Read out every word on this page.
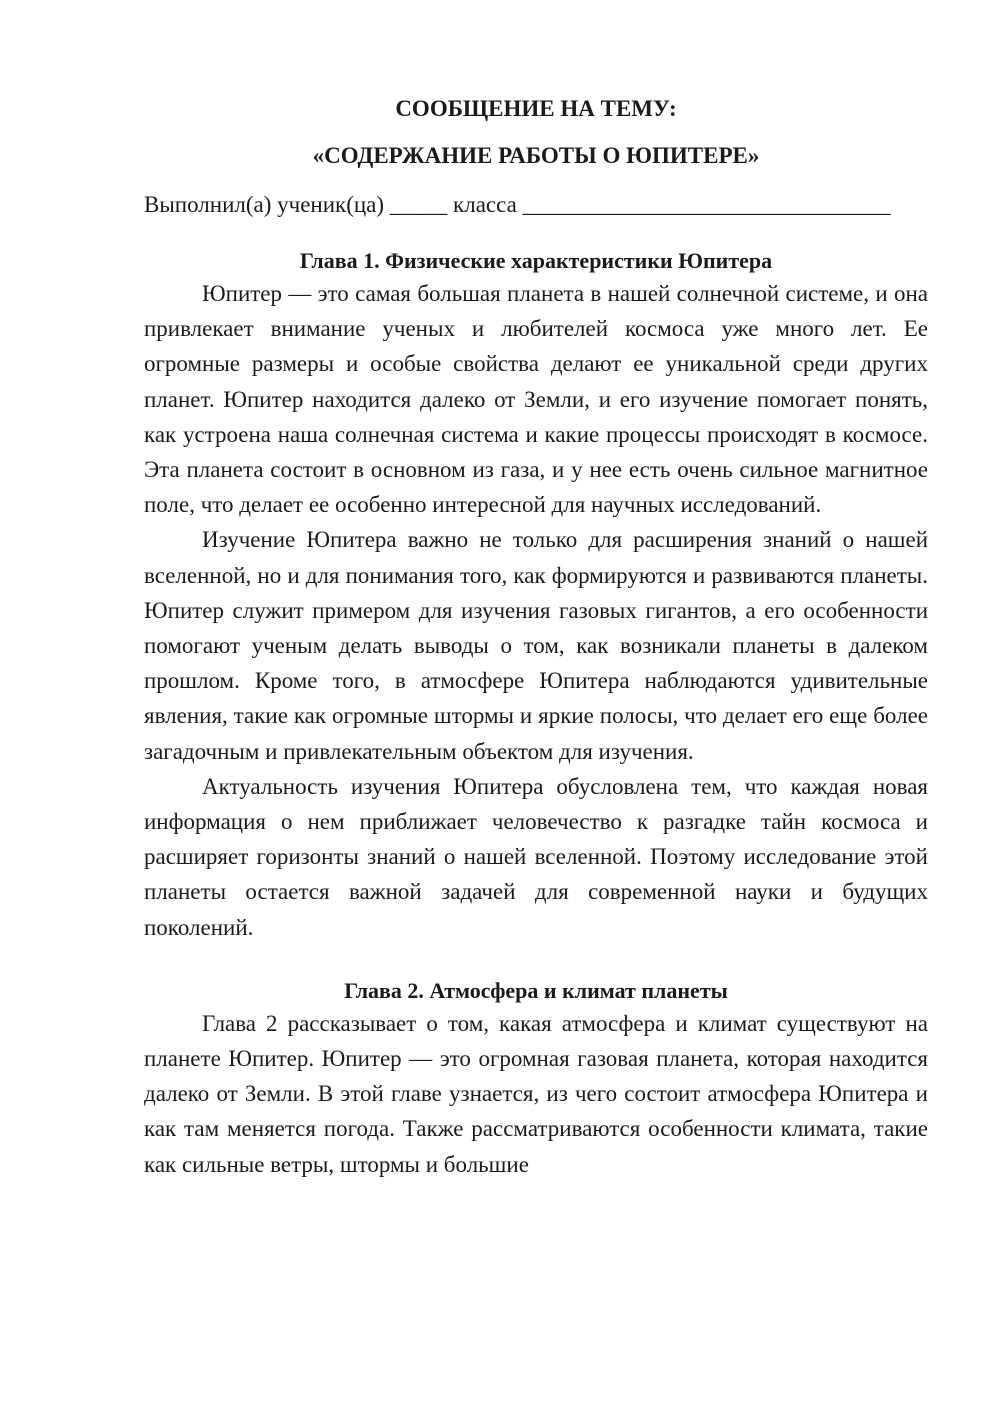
СООБЩЕНИЕ НА ТЕМУ:
«СОДЕРЖАНИЕ РАБОТЫ О ЮПИТЕРЕ»
Выполнил(а) ученик(ца) _____ класса ________________________________
Глава 1. Физические характеристики Юпитера

Юпитер — это самая большая планета в нашей солнечной системе, и она привлекает внимание ученых и любителей космоса уже много лет. Ее огромные размеры и особые свойства делают ее уникальной среди других планет. Юпитер находится далеко от Земли, и его изучение помогает понять, как устроена наша солнечная система и какие процессы происходят в космосе. Эта планета состоит в основном из газа, и у нее есть очень сильное магнитное поле, что делает ее особенно интересной для научных исследований.

Изучение Юпитера важно не только для расширения знаний о нашей вселенной, но и для понимания того, как формируются и развиваются планеты. Юпитер служит примером для изучения газовых гигантов, а его особенности помогают ученым делать выводы о том, как возникали планеты в далеком прошлом. Кроме того, в атмосфере Юпитера наблюдаются удивительные явления, такие как огромные штормы и яркие полосы, что делает его еще более загадочным и привлекательным объектом для изучения.

Актуальность изучения Юпитера обусловлена тем, что каждая новая информация о нем приближает человечество к разгадке тайн космоса и расширяет горизонты знаний о нашей вселенной. Поэтому исследование этой планеты остается важной задачей для современной науки и будущих поколений.

Глава 2. Атмосфера и климат планеты

Глава 2 рассказывает о том, какая атмосфера и климат существуют на планете Юпитер. Юпитер — это огромная газовая планета, которая находится далеко от Земли. В этой главе узнается, из чего состоит атмосфера Юпитера и как там меняется погода. Также рассматриваются особенности климата, такие как сильные ветры, штормы и большие
